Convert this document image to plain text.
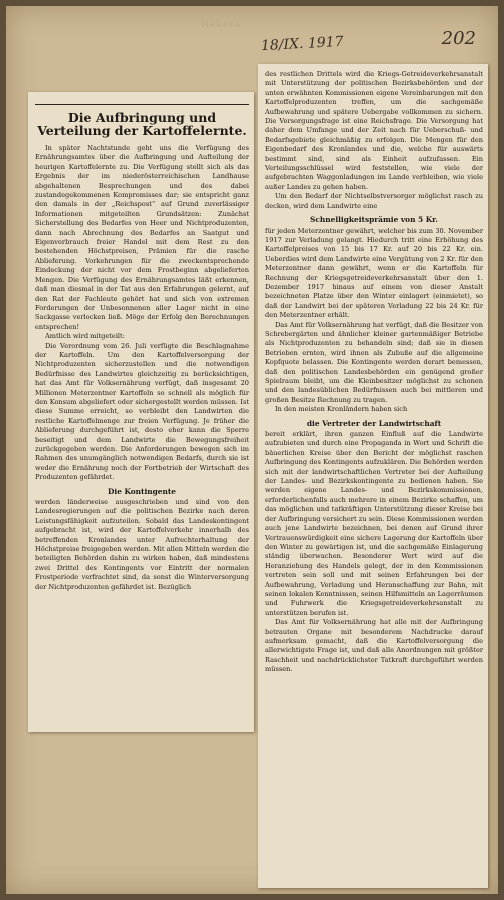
Nekesa
18/IX. 1917	202
Die Aufbringung und Verteilung der Kartoffelernte.

In später Nachtstunde geht uns die Verfügung des Ernährungsamtes über die Aufbringung und Aufteilung der heurigen Kartoffelernte zu. Die Verfügung stellt sich als das Ergebnis der im niederösterreichischen Landhause abgehaltenen Besprechungen und des dabei zustandegekommenen Kompromisses dar; sie entspricht ganz den damals in der „Reichspost“ auf Grund zuverlässiger Informationen mitgeteilten Grundsätzen: Zunächst Sicherstellung des Bedarfes von Heer und Nichtproduzenten, dann nach Abrechnung des Bedarfes an Saatgut und Eigenverbrauch freier Handel mit dem Rest zu den bestehenden Höchstpreisen, Prämien für die rasche Ablieferung. Vorkehrungen für die zweckentsprechende Eindeckung der nicht vor dem Frostbeginn abgelieferten Mengen. Die Verfügung des Ernährungsamtes läßt erkennen, daß man diesmal in der Tat aus den Erfahrungen gelernt, auf den Rat der Fachleute gehört hat und sich von extremen Forderungen der Unbesonnenen aller Lager nicht in eine Sackgasse verlocken ließ. Möge der Erfolg den Berechnungen entsprechen!

Amtlich wird mitgeteilt:

Die Verordnung vom 26. Juli verfügte die Beschlagnahme der Kartoffeln. Um den Kartoffelversorgung der Nichtproduzenten sicherzustellen und die notwendigen Bedürfnisse des Landwirtes gleichzeitig zu berücksichtigen, hat das Amt für Volksernährung verfügt, daß insgesamt 20 Millionen Meterzentner Kartoffeln so schnell als möglich für den Konsum abgeliefert oder sichergestellt werden müssen. Ist diese Summe erreicht, so verbleibt den Landwirten die restliche Kartoffelmenge zur freien Verfügung. Je früher die Ablieferung durchgeführt ist, desto eher kann die Sperre beseitigt und dem Landwirte die Bewegungsfreiheit zurückgegeben werden. Die Anforderungen bewegen sich im Rahmen des unumgänglich notwendigen Bedarfs, durch sie ist weder die Ernährung noch der Fortbetrieb der Wirtschaft des Produzenten gefährdet.

Die Kontingente

werden länderweise ausgeschrieben und sind von den Landesregierungen auf die politischen Bezirke nach deren Leistungsfähigkeit aufzuteilen. Sobald das Landeskontingent aufgebracht ist, wird der Kartoffelverkehr innerhalb des betreffenden Kronlandes unter Aufrechterhaltung der Höchstpreise freigegeben werden. Mit allen Mitteln werden die beteiligten Behörden dahin zu wirken haben, daß mindestens zwei Drittel des Kontingents vor Eintritt der normalen Frostperiode verfrachtet sind, da sonst die Winterversorgung der Nichtproduzenten gefährdet ist. Bezüglich

des restlichen Drittels wird die Kriegs-Getreideverkehrsanstalt mit Unterstützung der politischen Bezirksbehörden und der unten erwähnten Kommissionen eigene Vereinbarungen mit den Kartoffelproduzenten treffen, um die sachgemäße Aufbewahrung und spätere Uebergabe vollkommen zu sichern. Die Versorgungsfrage ist eine Reichsfrage. Die Versorgung hat daher dem Umfange und der Zeit nach für Ueberschuß- und Bedarfsgebiete gleichmäßig zu erfolgen. Die Mengen für den Eigenbedarf des Kronlandes und die, welche für auswärts bestimmt sind, sind als Einheit aufzufassen. Ein Verteilungsschlüssel wird feststellen, wie viele der aufgebrachten Waggonladungen im Lande verbleiben, wie viele außer Landes zu gehen haben.

Um den Bedarf der Nichtselbstversorger möglichst rasch zu decken, wird dem Landwirte eine

Schnelligkeitsprämie von 5 Kr.

für jeden Meterzentner gewährt, welcher bis zum 30. November 1917 zur Verladung gelangt. Hiedurch tritt eine Erhöhung des Kartoffelpreises von 15 bis 17 Kr. auf 20 bis 22 Kr. ein. Ueberdies wird dem Landwirte eine Vergütung von 2 Kr. für den Meterzentner dann gewährt, wenn er die Kartoffeln für Rechnung der Kriegsgetreideverkehrsanstalt über den 1. Dezember 1917 hinaus auf einem von dieser Anstalt bezeichneten Platze über den Winter einlagert (einmietet), so daß der Landwirt bei der späteren Verladung 22 bis 24 Kr. für den Meterzentner erhält.

Das Amt für Volksernährung hat verfügt, daß die Besitzer von Schrebergärten und ähnlicher kleiner gartenmäßiger Betriebe als Nichtproduzenten zu behandeln sind; daß sie in diesen Betrieben ernten, wird ihnen als Zubuße auf die allgemeine Kopfquote belassen. Die Kontingente werden derart bemessen, daß den politischen Landesbehörden ein genügend großer Spielraum bleibt, um die Kleinbesitzer möglichst zu schonen und den landesüblichen Bedürfnissen auch bei mittleren und großen Besitze Rechnung zu tragen.

In den meisten Kronländern haben sich

die Vertreter der Landwirtschaft

bereit erklärt, ihren ganzen Einfluß auf die Landwirte aufzubieten und durch eine Propaganda in Wort und Schrift die bäuerlichen Kreise über den Bericht der möglichst raschen Aufbringung des Kontingents aufzuklären. Die Behörden werden sich mit der landwirtschaftlichen Vertreter bei der Aufteilung der Landes- und Bezirkskontingente zu bedienen haben. Sie werden eigene Landes- und Bezirkskommissionen, erforderlichenfalls auch mehrere in einem Bezirke schaffen, um das möglichen und tatkräftigen Unterstützung dieser Kreise bei der Aufbringung versichert zu sein. Diese Kommissionen werden auch jene Landwirte bezeichnen, bei denen auf Grund ihrer Vertrauenswürdigkeit eine sichere Lagerung der Kartoffeln über den Winter zu gewärtigen ist, und die sachgemäße Einlagerung ständig überwachen. Besonderer Wert wird auf die Heranziehung des Handels gelegt, der in den Kommissionen vertreten sein soll und mit seinen Erfahrungen bei der Aufbewahrung, Verladung und Heranschaffung zur Bahn, mit seinen lokalen Kenntnissen, seinen Hilfsmitteln an Lagerräumen und Fuhrwerk die Kriegsgetreideverkehrsanstalt zu unterstützen berufen ist.

Das Amt für Volksernährung hat alle mit der Aufbringung betrauten Organe mit besonderem Nachdrucke darauf aufmerksam gemacht, daß die Kartoffelversorgung die allerwichtigste Frage ist, und daß alle Anordnungen mit größter Raschheit und nachdrücklichster Tatkraft durchgeführt werden müssen.
